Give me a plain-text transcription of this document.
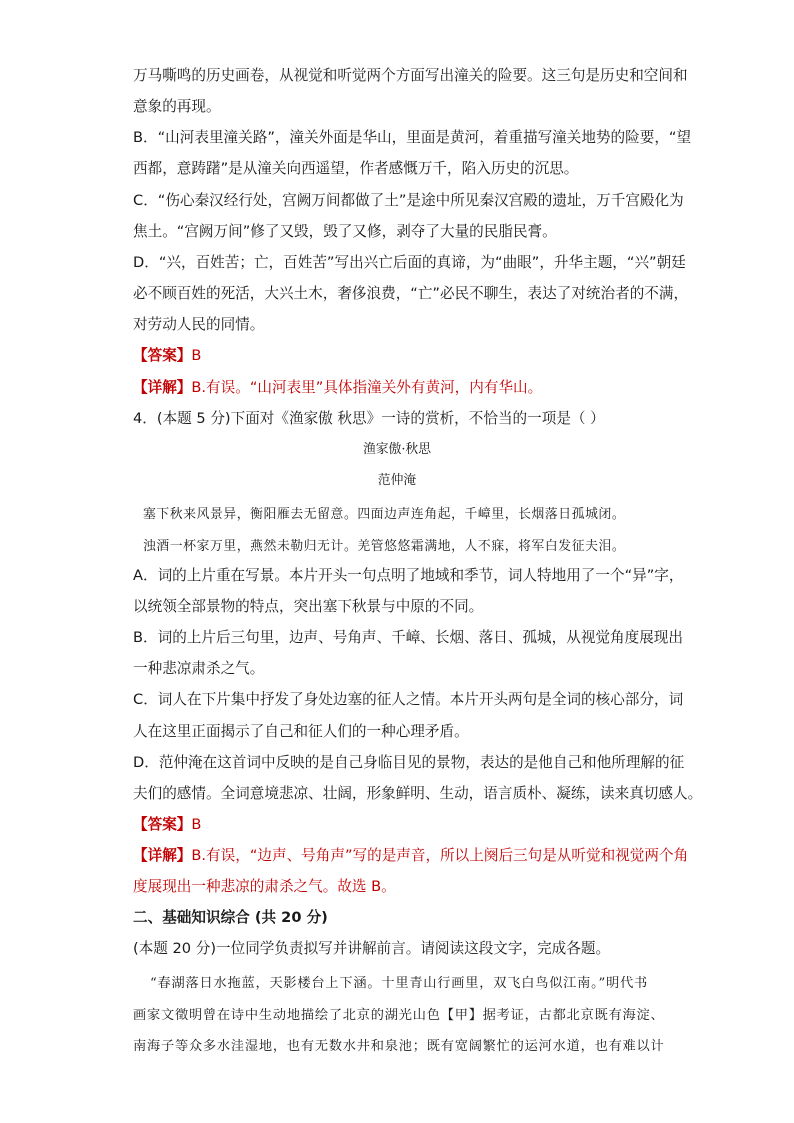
万马嘶鸣的历史画卷，从视觉和听觉两个方面写出潼关的险要。这三句是历史和空间和
意象的再现。
B．“山河表里潼关路”，潼关外面是华山，里面是黄河，着重描写潼关地势的险要，“望
西都，意踌躇”是从潼关向西遥望，作者感慨万千，陷入历史的沉思。
C．“伤心秦汉经行处，宫阙万间都做了土”是途中所见秦汉宫殿的遗址，万千宫殿化为
焦土。“宫阙万间”修了又毁，毁了又修，剥夺了大量的民脂民膏。
D．“兴，百姓苦；亡，百姓苦”写出兴亡后面的真谛，为“曲眼”，升华主题，“兴”朝廷
必不顾百姓的死活，大兴土木，奢侈浪费，“亡”必民不聊生，表达了对统治者的不满，
对劳动人民的同情。
【答案】B
【详解】B.有误。“山河表里”具体指潼关外有黄河，内有华山。
4．(本题 5 分)下面对《渔家傲 秋思》一诗的赏析，不恰当的一项是（ ）
渔家傲·秋思
范仲淹
塞下秋来风景异，衡阳雁去无留意。四面边声连角起，千嶂里，长烟落日孤城闭。
浊酒一杯家万里，燕然未勒归无计。羌管悠悠霜满地，人不寐，将军白发征夫泪。
A．词的上片重在写景。本片开头一句点明了地域和季节，词人特地用了一个“异”字，
以统领全部景物的特点，突出塞下秋景与中原的不同。
B．词的上片后三句里，边声、号角声、千嶂、长烟、落日、孤城，从视觉角度展现出
一种悲凉肃杀之气。
C．词人在下片集中抒发了身处边塞的征人之情。本片开头两句是全词的核心部分，词
人在这里正面揭示了自己和征人们的一种心理矛盾。
D．范仲淹在这首词中反映的是自己身临目见的景物，表达的是他自己和他所理解的征
夫们的感情。全词意境悲凉、壮阔，形象鲜明、生动，语言质朴、凝练，读来真切感人。
【答案】B
【详解】B.有误，“边声、号角声”写的是声音，所以上阕后三句是从听觉和视觉两个角
度展现出一种悲凉的肃杀之气。故选 B。
二、基础知识综合 (共 20 分)
(本题 20 分)一位同学负责拟写并讲解前言。请阅读这段文字，完成各题。
“春湖落日水拖蓝，天影楼台上下涵。十里青山行画里，双飞白鸟似江南。”明代书
画家文徵明曾在诗中生动地描绘了北京的湖光山色【甲】据考证，古都北京既有海淀、
南海子等众多水洼湿地，也有无数水井和泉池；既有宽阔繁忙的运河水道，也有难以计
